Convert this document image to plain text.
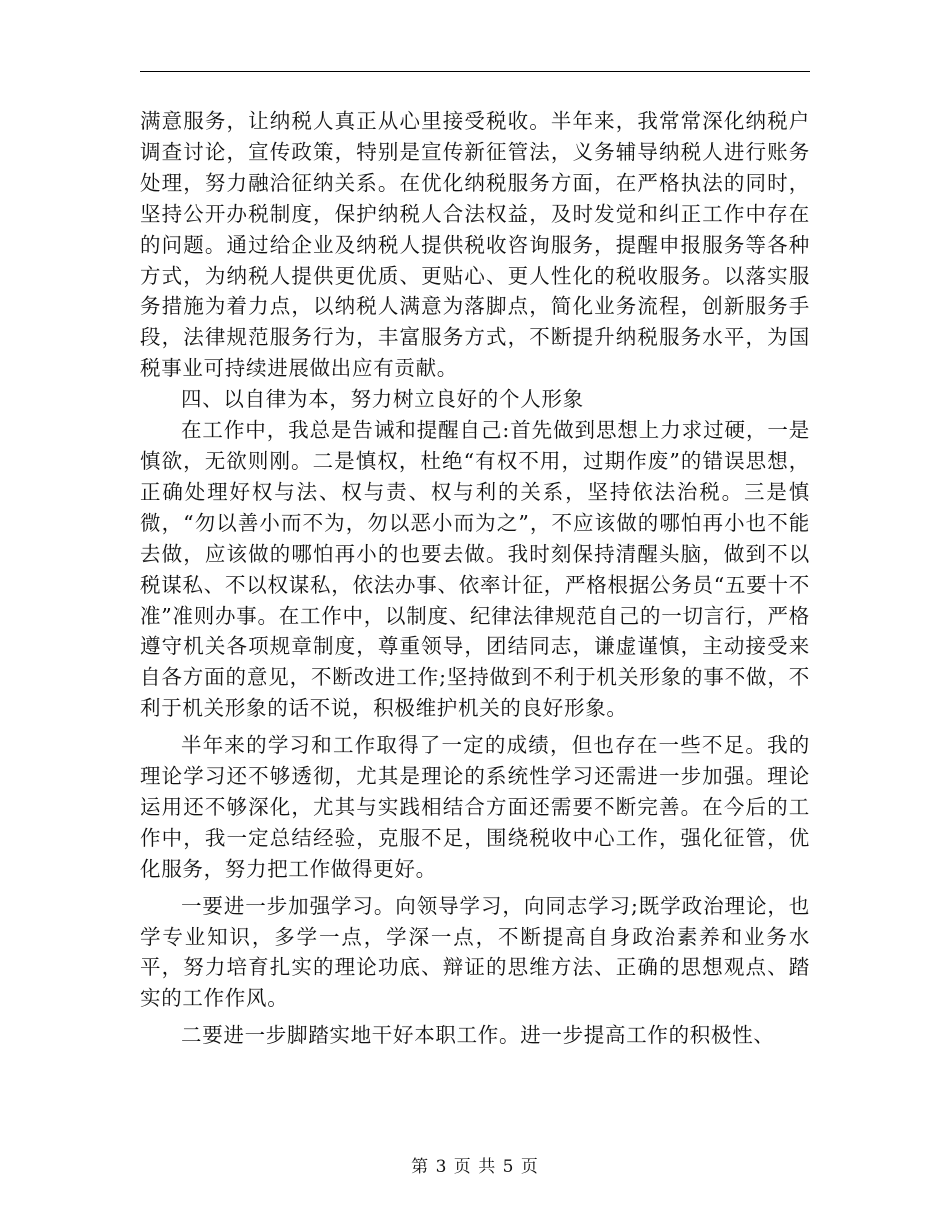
满意服务，让纳税人真正从心里接受税收。半年来，我常常深化纳税户调查讨论，宣传政策，特别是宣传新征管法，义务辅导纳税人进行账务处理，努力融洽征纳关系。在优化纳税服务方面，在严格执法的同时，坚持公开办税制度，保护纳税人合法权益，及时发觉和纠正工作中存在的问题。通过给企业及纳税人提供税收咨询服务，提醒申报服务等各种方式，为纳税人提供更优质、更贴心、更人性化的税收服务。以落实服务措施为着力点，以纳税人满意为落脚点，简化业务流程，创新服务手段，法律规范服务行为，丰富服务方式，不断提升纳税服务水平，为国税事业可持续进展做出应有贡献。

四、以自律为本，努力树立良好的个人形象

在工作中，我总是告诫和提醒自己:首先做到思想上力求过硬，一是慎欲，无欲则刚。二是慎权，杜绝“有权不用，过期作废”的错误思想，正确处理好权与法、权与责、权与利的关系，坚持依法治税。三是慎微，“勿以善小而不为，勿以恶小而为之”，不应该做的哪怕再小也不能去做，应该做的哪怕再小的也要去做。我时刻保持清醒头脑，做到不以税谋私、不以权谋私，依法办事、依率计征，严格根据公务员“五要十不准”准则办事。在工作中，以制度、纪律法律规范自己的一切言行，严格遵守机关各项规章制度，尊重领导，团结同志，谦虚谨慎，主动接受来自各方面的意见，不断改进工作;坚持做到不利于机关形象的事不做，不利于机关形象的话不说，积极维护机关的良好形象。

半年来的学习和工作取得了一定的成绩，但也存在一些不足。我的理论学习还不够透彻，尤其是理论的系统性学习还需进一步加强。理论运用还不够深化，尤其与实践相结合方面还需要不断完善。在今后的工作中，我一定总结经验，克服不足，围绕税收中心工作，强化征管，优化服务，努力把工作做得更好。

一要进一步加强学习。向领导学习，向同志学习;既学政治理论，也学专业知识，多学一点，学深一点，不断提高自身政治素养和业务水平，努力培育扎实的理论功底、辩证的思维方法、正确的思想观点、踏实的工作作风。

二要进一步脚踏实地干好本职工作。进一步提高工作的积极性、

第 3 页 共 5 页
